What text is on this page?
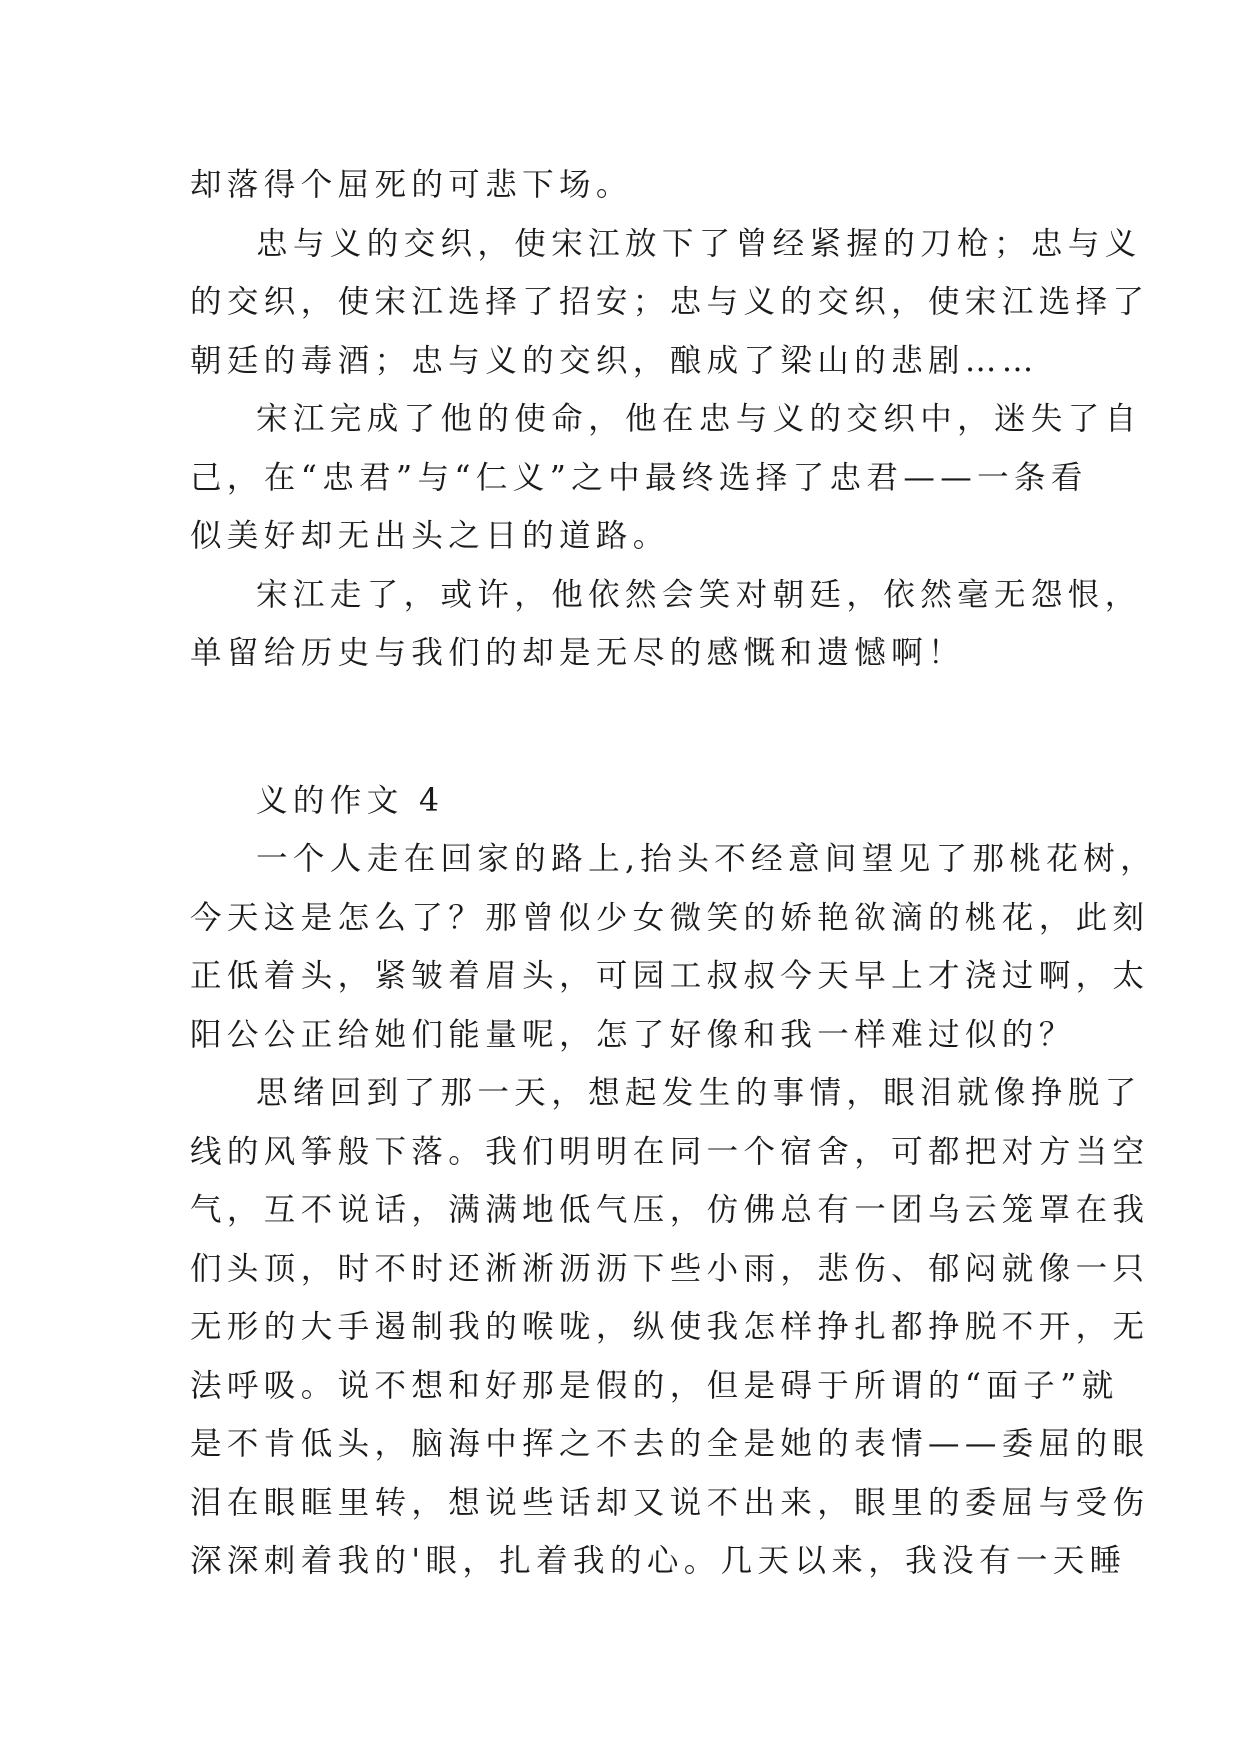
却落得个屈死的可悲下场。
忠与义的交织，使宋江放下了曾经紧握的刀枪；忠与义
的交织，使宋江选择了招安；忠与义的交织，使宋江选择了
朝廷的毒酒；忠与义的交织，酿成了梁山的悲剧……
宋江完成了他的使命，他在忠与义的交织中，迷失了自
己，在“忠君”与“仁义”之中最终选择了忠君——一条看
似美好却无出头之日的道路。
宋江走了，或许，他依然会笑对朝廷，依然毫无怨恨，
单留给历史与我们的却是无尽的感慨和遗憾啊！
义的作文 4
一个人走在回家的路上,抬头不经意间望见了那桃花树，
今天这是怎么了？那曾似少女微笑的娇艳欲滴的桃花，此刻
正低着头，紧皱着眉头，可园工叔叔今天早上才浇过啊，太
阳公公正给她们能量呢，怎了好像和我一样难过似的？
思绪回到了那一天，想起发生的事情，眼泪就像挣脱了
线的风筝般下落。我们明明在同一个宿舍，可都把对方当空
气，互不说话，满满地低气压，仿佛总有一团乌云笼罩在我
们头顶，时不时还淅淅沥沥下些小雨，悲伤、郁闷就像一只
无形的大手遏制我的喉咙，纵使我怎样挣扎都挣脱不开，无
法呼吸。说不想和好那是假的，但是碍于所谓的“面子”就
是不肯低头，脑海中挥之不去的全是她的表情——委屈的眼
泪在眼眶里转，想说些话却又说不出来，眼里的委屈与受伤
深深刺着我的'眼，扎着我的心。几天以来，我没有一天睡
